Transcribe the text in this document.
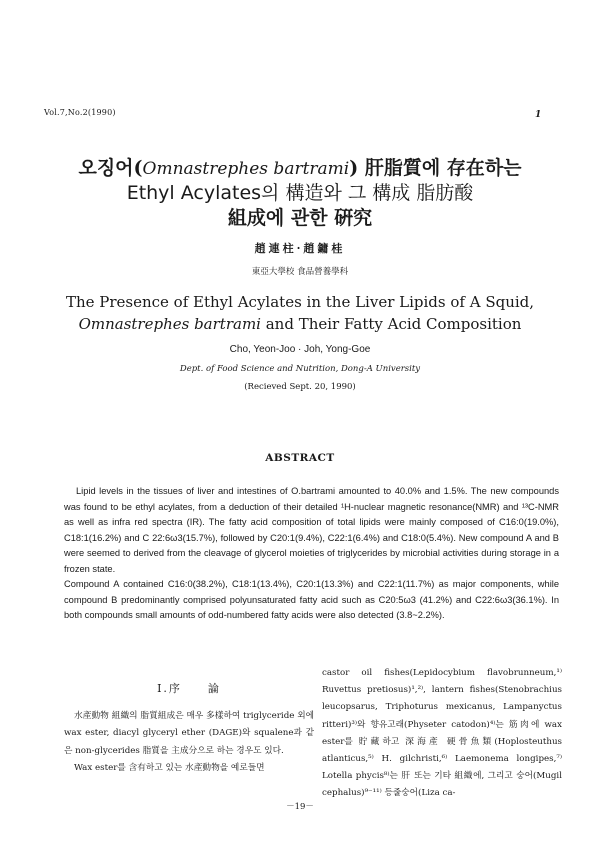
Vol.7,No.2(1990)	1
오징어(Omnastrephes bartrami) 肝脂質에 存在하는
Ethyl Acylates의 構造와 그 構成 脂肪酸
組成에 관한 硏究
趙連柱·趙鏞桂
東亞大學校 食品營養學科
The Presence of Ethyl Acylates in the Liver Lipids of A Squid,
Omnastrephes bartrami and Their Fatty Acid Composition
Cho, Yeon-Joo · Joh, Yong-Goe
Dept. of Food Science and Nutrition, Dong-A University
(Recieved Sept. 20, 1990)
ABSTRACT

Lipid levels in the tissues of liver and intestines of O.bartrami amounted to 40.0% and 1.5%. The new compounds was found to be ethyl acylates, from a deduction of their detailed ¹H-nuclear magnetic resonance(NMR) and ¹³C-NMR as well as infra red spectra (IR). The fatty acid composition of total lipids were mainly composed of C16:0(19.0%), C18:1(16.2%) and C 22:6ω3(15.7%), followed by C20:1(9.4%), C22:1(6.4%) and C18:0(5.4%). New compound A and B were seemed to derived from the cleavage of glycerol moieties of triglycerides by microbial activities during storage in a frozen state.

Compound A contained C16:0(38.2%), C18:1(13.4%), C20:1(13.3%) and C22:1(11.7%) as major components, while compound B predominantly comprised polyunsaturated fatty acid such as C20:5ω3 (41.2%) and C22:6ω3(36.1%). In both compounds small amounts of odd-numbered fatty acids were also detected (3.8~2.2%).

Ⅰ.序　　論

水產動物 組織의 脂質組成은 매우 多樣하여 triglyceride 외에 wax ester, diacyl glyceryl ether (DAGE)와 squalene과 같은 non-glycerides 脂質을 主成分으로 하는 경우도 있다.

Wax ester를 含有하고 있는 水產動物을 예로들면

castor oil fishes(Lepidocybium flavobrunneum,¹⁾ Ruvettus pretiosus)¹,²⁾, lantern fishes(Stenobrachius leucopsarus, Triphoturus mexicanus, Lampanyctus ritteri)³⁾와 향유고래(Physeter catodon)⁴⁾는 筋肉에 wax ester를 貯藏하고 深海產 硬骨魚類(Hoplosteuthus atlanticus,⁵⁾ H. gilchristi,⁶⁾ Laemonema longipes,⁷⁾ Lotella phycis⁸⁾는 肝 또는 기타 組織에, 그리고 숭어(Mugil cephalus)⁹⁻¹¹⁾ 등줄숭어(Liza ca-

－19－
